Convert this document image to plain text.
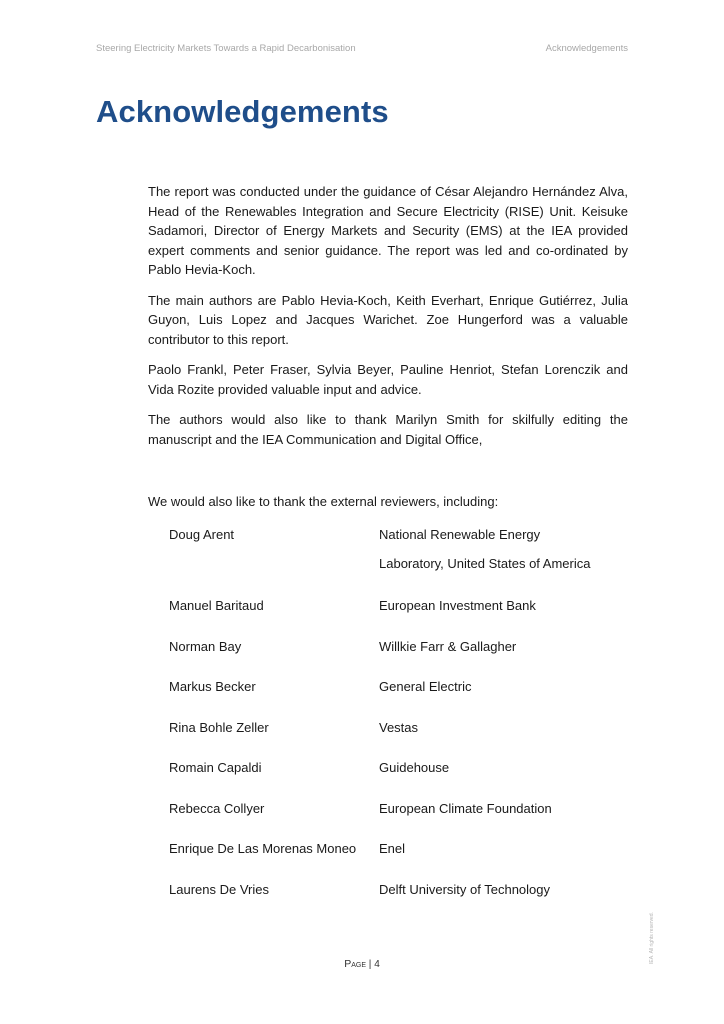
Steering Electricity Markets Towards a Rapid Decarbonisation	Acknowledgements
Acknowledgements

The report was conducted under the guidance of César Alejandro Hernández Alva, Head of the Renewables Integration and Secure Electricity (RISE) Unit. Keisuke Sadamori, Director of Energy Markets and Security (EMS) at the IEA provided expert comments and senior guidance. The report was led and co-ordinated by Pablo Hevia-Koch.

The main authors are Pablo Hevia-Koch, Keith Everhart, Enrique Gutiérrez, Julia Guyon, Luis Lopez and Jacques Warichet. Zoe Hungerford was a valuable contributor to this report.

Paolo Frankl, Peter Fraser, Sylvia Beyer, Pauline Henriot, Stefan Lorenczik and Vida Rozite provided valuable input and advice.

The authors would also like to thank Marilyn Smith for skilfully editing the manuscript and the IEA Communication and Digital Office,

We would also like to thank the external reviewers, including:

Doug Arent	National Renewable Energy
Laboratory, United States of America
Manuel Baritaud	European Investment Bank
Norman Bay	Willkie Farr & Gallagher
Markus Becker	General Electric
Rina Bohle Zeller	Vestas
Romain Capaldi	Guidehouse
Rebecca Collyer	European Climate Foundation
Enrique De Las Morenas Moneo Enel
Laurens De Vries	Delft University of Technology
Page | 4
IEA. All rights reserved.
